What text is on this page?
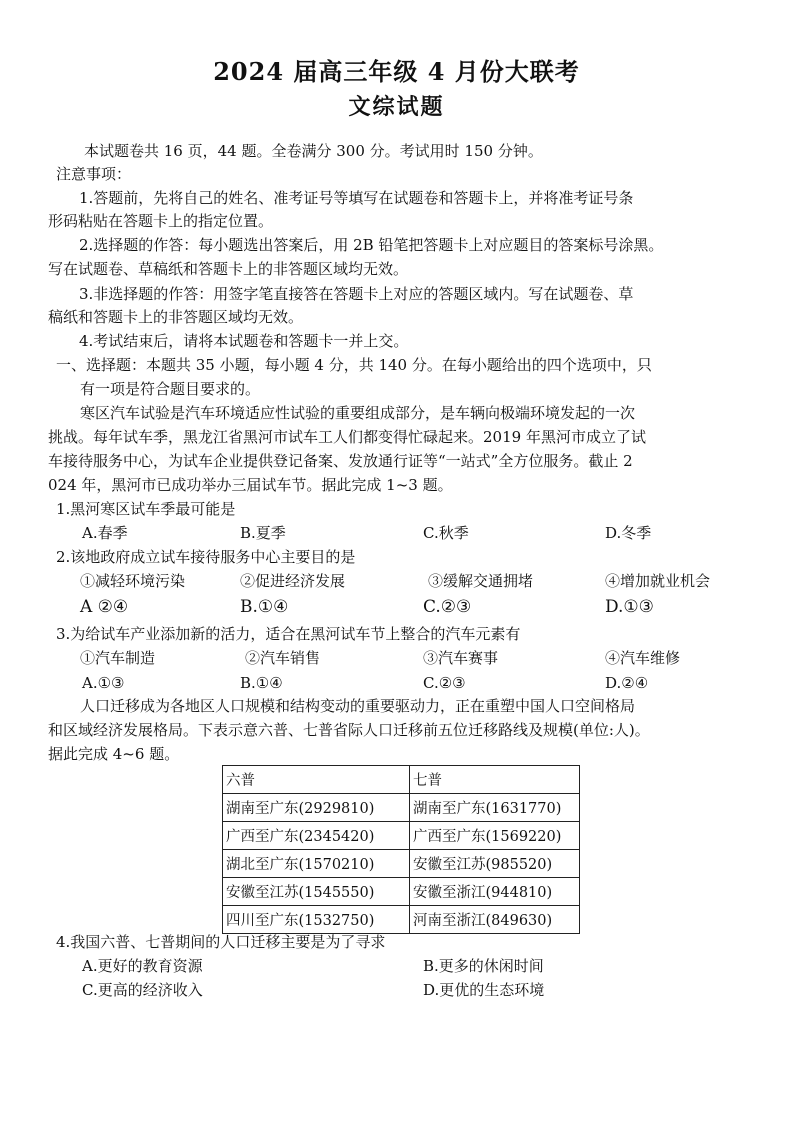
2024 届高三年级 4 月份大联考
文综试题
本试题卷共 16 页，44 题。全卷满分 300 分。考试用时 150 分钟。
注意事项：
1.答题前，先将自己的姓名、准考证号等填写在试题卷和答题卡上，并将准考证号条
形码粘贴在答题卡上的指定位置。
2.选择题的作答：每小题选出答案后，用 2B 铅笔把答题卡上对应题目的答案标号涂黑。
写在试题卷、草稿纸和答题卡上的非答题区域均无效。
3.非选择题的作答：用签字笔直接答在答题卡上对应的答题区域内。写在试题卷、草
稿纸和答题卡上的非答题区域均无效。
4.考试结束后，请将本试题卷和答题卡一并上交。
一、选择题：本题共 35 小题，每小题 4 分，共 140 分。在每小题给出的四个选项中，只
有一项是符合题目要求的。
寒区汽车试验是汽车环境适应性试验的重要组成部分，是车辆向极端环境发起的一次
挑战。每年试车季，黑龙江省黑河市试车工人们都变得忙碌起来。2019 年黑河市成立了试
车接待服务中心，为试车企业提供登记备案、发放通行证等“一站式”全方位服务。截止 2
024 年，黑河市已成功举办三届试车节。据此完成 1~3 题。
1.黑河寒区试车季最可能是
A.春季	B.夏季	C.秋季	D.冬季
2.该地政府成立试车接待服务中心主要目的是
①减轻环境污染	②促进经济发展	③缓解交通拥堵	④增加就业机会
A ②④	B.①④	C.②③	D.①③
3.为给试车产业添加新的活力，适合在黑河试车节上整合的汽车元素有
①汽车制造	②汽车销售	③汽车赛事	④汽车维修
A.①③	B.①④	C.②③	D.②④
人口迁移成为各地区人口规模和结构变动的重要驱动力，正在重塑中国人口空间格局
和区域经济发展格局。下表示意六普、七普省际人口迁移前五位迁移路线及规模(单位:人)。
据此完成 4~6 题。
六普	七普
湖南至广东(2929810)	湖南至广东(1631770)
广西至广东(2345420)	广西至广东(1569220)
湖北至广东(1570210)	安徽至江苏(985520)
安徽至江苏(1545550)	安徽至浙江(944810)
四川至广东(1532750)	河南至浙江(849630)
4.我国六普、七普期间的人口迁移主要是为了寻求
A.更好的教育资源	B.更多的休闲时间
C.更高的经济收入	D.更优的生态环境
